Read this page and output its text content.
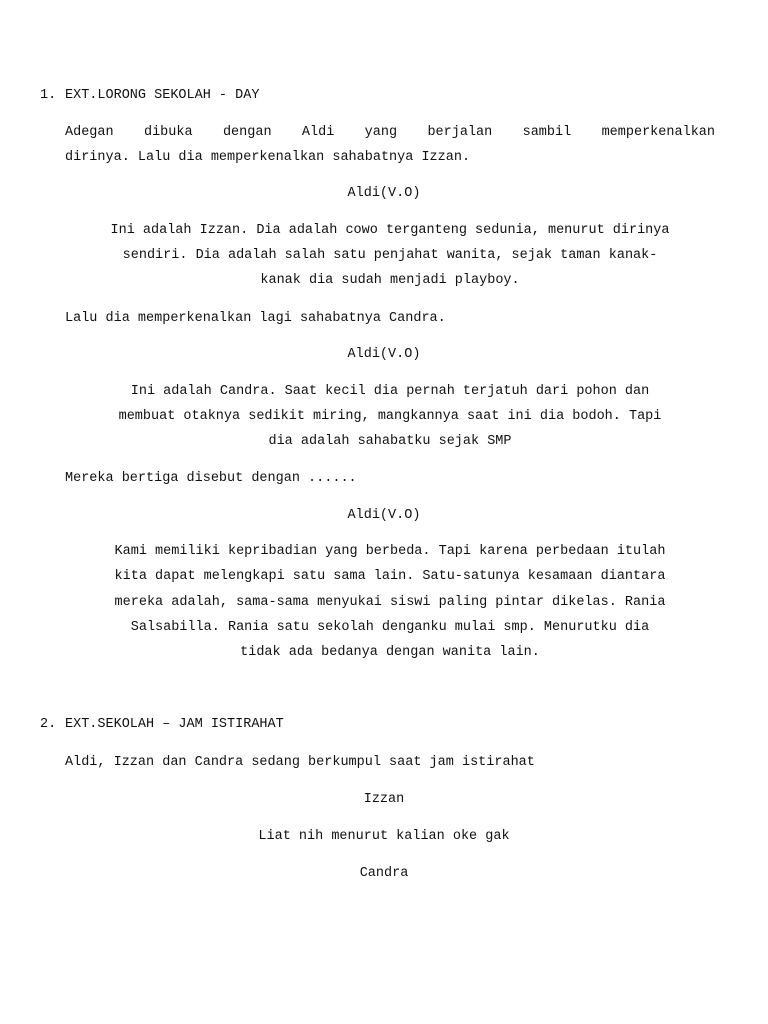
1. EXT.LORONG SEKOLAH - DAY
Adegan dibuka dengan Aldi yang berjalan sambil memperkenalkan
dirinya. Lalu dia memperkenalkan sahabatnya Izzan.
Aldi(V.O)
Ini adalah Izzan. Dia adalah cowo terganteng sedunia, menurut dirinya
sendiri. Dia adalah salah satu penjahat wanita, sejak taman kanak-
kanak dia sudah menjadi playboy.
Lalu dia memperkenalkan lagi sahabatnya Candra.
Aldi(V.O)
Ini adalah Candra. Saat kecil dia pernah terjatuh dari pohon dan
membuat otaknya sedikit miring, mangkannya saat ini dia bodoh. Tapi
dia adalah sahabatku sejak SMP
Mereka bertiga disebut dengan ......
Aldi(V.O)
Kami memiliki kepribadian yang berbeda. Tapi karena perbedaan itulah
kita dapat melengkapi satu sama lain. Satu-satunya kesamaan diantara
mereka adalah, sama-sama menyukai siswi paling pintar dikelas. Rania
Salsabilla. Rania satu sekolah denganku mulai smp. Menurutku dia
tidak ada bedanya dengan wanita lain.
2. EXT.SEKOLAH – JAM ISTIRAHAT
Aldi, Izzan dan Candra sedang berkumpul saat jam istirahat
Izzan
Liat nih menurut kalian oke gak
Candra
